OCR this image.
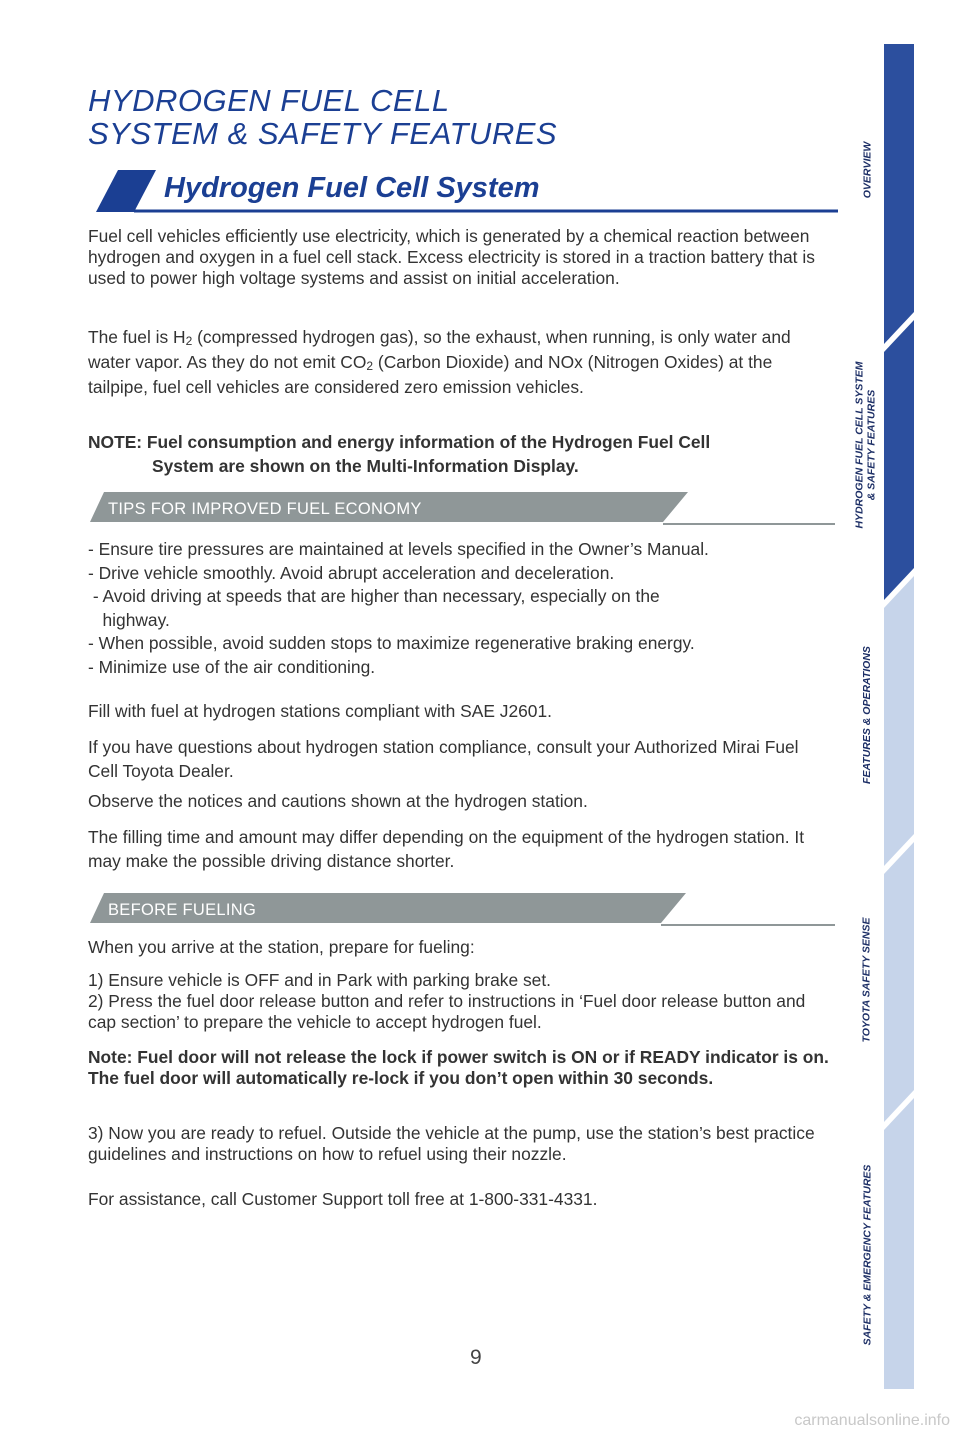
HYDROGEN FUEL CELL
SYSTEM & SAFETY FEATURES
Hydrogen Fuel Cell System

Fuel cell vehicles efficiently use electricity, which is generated by a chemical reaction between hydrogen and oxygen in a fuel cell stack. Excess electricity is stored in a traction battery that is used to power high voltage systems and assist on initial acceleration.

The fuel is H2 (compressed hydrogen gas), so the exhaust, when running, is only water and water vapor. As they do not emit CO2 (Carbon Dioxide) and NOx (Nitrogen Oxides) at the tailpipe, fuel cell vehicles are considered zero emission vehicles.

NOTE: Fuel consumption and energy information of the Hydrogen Fuel Cell
System are shown on the Multi-Information Display.
TIPS FOR IMPROVED FUEL ECONOMY
- Ensure tire pressures are maintained at levels specified in the Owner’s Manual.
- Drive vehicle smoothly. Avoid abrupt acceleration and deceleration.
- Avoid driving at speeds that are higher than necessary, especially on the
highway.
- When possible, avoid sudden stops to maximize regenerative braking energy.
- Minimize use of the air conditioning.

Fill with fuel at hydrogen stations compliant with SAE J2601.

If you have questions about hydrogen station compliance, consult your Authorized Mirai Fuel Cell Toyota Dealer.

Observe the notices and cautions shown at the hydrogen station.

The filling time and amount may differ depending on the equipment of the hydrogen station. It may make the possible driving distance shorter.

BEFORE FUELING

When you arrive at the station, prepare for fueling:

1) Ensure vehicle is OFF and in Park with parking brake set.

2) Press the fuel door release button and refer to instructions in ‘Fuel door release button and cap section’ to prepare the vehicle to accept hydrogen fuel.

Note: Fuel door will not release the lock if power switch is ON or if READY indicator is on. The fuel door will automatically re-lock if you don’t open within 30 seconds.

3) Now you are ready to refuel. Outside the vehicle at the pump, use the station’s best practice guidelines and instructions on how to refuel using their nozzle.

For assistance, call Customer Support toll free at 1-800-331-4331.

9
OVERVIEW
HYDROGEN FUEL CELL SYSTEM & SAFETY FEATURES
FEATURES & OPERATIONS
TOYOTA SAFETY SENSE
SAFETY & EMERGENCY FEATURES
carmanualsonline.info
